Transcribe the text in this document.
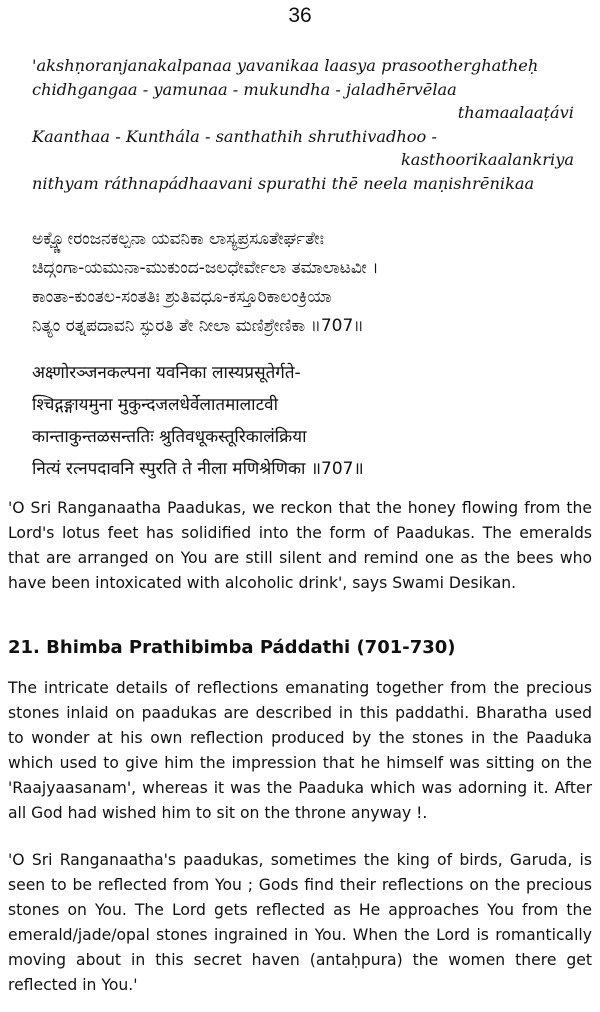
36
'akshṇoranjanakalpanaa yavanikaa laasya prasootherghatheḥ
chidhgangaa - yamunaa - mukundha - jaladhērvēlaa
thamaalaaṭávi
Kaanthaa - Kunthála - santhathih shruthivadhoo -
kasthoorikaalankriya
nithyam ráthnapádhaavani spurathi thē neela maṇishrēnikaa
ಅಕ್ಷ್ಣೋರಂಜನಕಲ್ಪನಾ ಯವನಿಕಾ ಲಾಸ್ಯಪ್ರಸೂತೇರ್ಘತೇಃ
ಚಿದ್ಗಂಗಾ-ಯಮುನಾ-ಮುಕುಂದ-ಜಲಧೇರ್ವೇಲಾ ತಮಾಲಾಟವೀ ।
ಕಾಂತಾ-ಕುಂತಲ-ಸಂತತಿಃ ಶ್ರುತಿವಧೂ-ಕಸ್ತೂರಿಕಾಲಂಕ್ರಿಯಾ
ನಿತ್ಯಂ ರತ್ನಪದಾವನಿ ಸ್ಫುರತಿ ತೇ ನೀಲಾ ಮಣಿಶ್ರೇಣಿಕಾ ॥707॥
अक्ष्णोरञ्जनकल्पना यवनिका लास्यप्रसूतेर्गते-
श्चिद्गङ्गायमुना मुकुन्दजलधेर्वेलातमालाटवी
कान्ताकुन्तळसन्ततिः श्रुतिवधूकस्तूरिकालंक्रिया
नित्यं रत्नपदावनि स्पुरति ते नीला मणिश्रेणिका ॥707॥

'O Sri Ranganaatha Paadukas, we reckon that the honey flowing from the Lord's lotus feet has solidified into the form of Paadukas. The emeralds that are arranged on You are still silent and remind one as the bees who have been intoxicated with alcoholic drink', says Swami Desikan.

21. Bhimba Prathibimba Páddathi (701-730)

The intricate details of reflections emanating together from the precious stones inlaid on paadukas are described in this paddathi. Bharatha used to wonder at his own reflection produced by the stones in the Paaduka which used to give him the impression that he himself was sitting on the 'Raajyaasanam', whereas it was the Paaduka which was adorning it. After all God had wished him to sit on the throne anyway !.

'O Sri Ranganaatha's paadukas, sometimes the king of birds, Garuda, is seen to be reflected from You ; Gods find their reflections on the precious stones on You. The Lord gets reflected as He approaches You from the emerald/jade/opal stones ingrained in You. When the Lord is romantically moving about in this secret haven (antaḥpura) the women there get reflected in You.'
